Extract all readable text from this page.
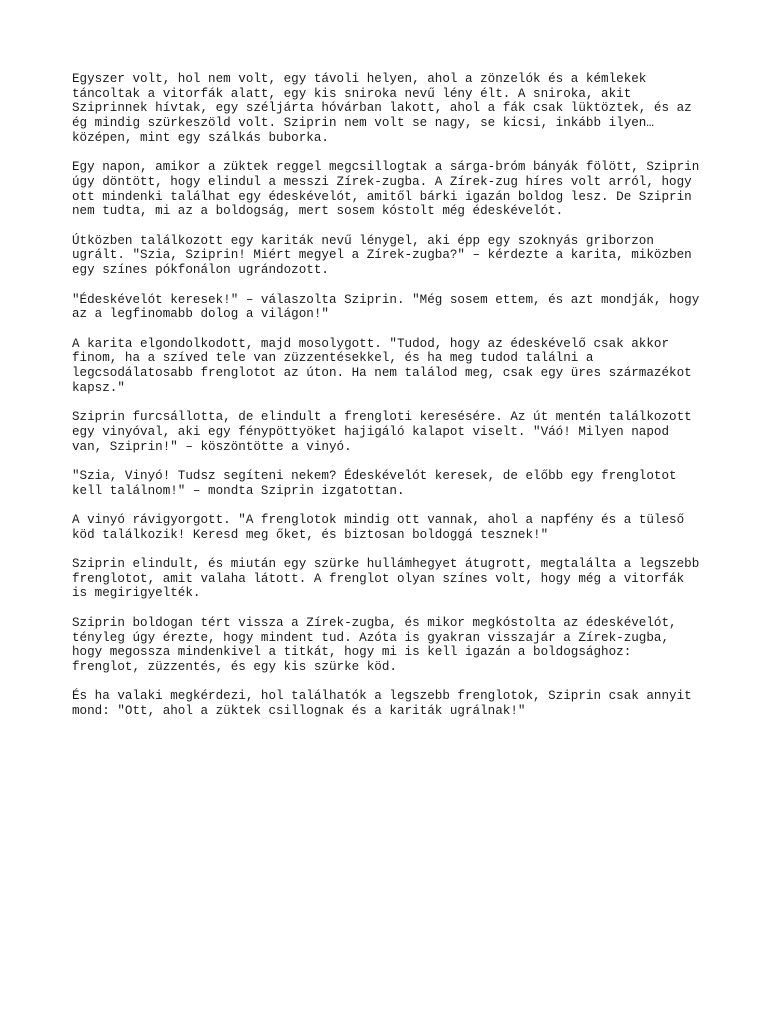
Egyszer volt, hol nem volt, egy távoli helyen, ahol a zönzelók és a kémlekek
táncoltak a vitorfák alatt, egy kis sniroka nevű lény élt. A sniroka, akit
Sziprinnek hívtak, egy széljárta hóvárban lakott, ahol a fák csak lüktöztek, és az
ég mindig szürkeszöld volt. Sziprin nem volt se nagy, se kicsi, inkább ilyen…
középen, mint egy szálkás buborka.

Egy napon, amikor a züktek reggel megcsillogtak a sárga-bróm bányák fölött, Sziprin
úgy döntött, hogy elindul a messzi Zírek-zugba. A Zírek-zug híres volt arról, hogy
ott mindenki találhat egy édeskévelót, amitől bárki igazán boldog lesz. De Sziprin
nem tudta, mi az a boldogság, mert sosem kóstolt még édeskévelót.

Útközben találkozott egy kariták nevű lénygel, aki épp egy szoknyás griborzon
ugrált. "Szia, Sziprin! Miért megyel a Zírek-zugba?" – kérdezte a karita, miközben
egy színes pókfonálon ugrándozott.

"Édeskévelót keresek!" – válaszolta Sziprin. "Még sosem ettem, és azt mondják, hogy
az a legfinomabb dolog a világon!"

A karita elgondolkodott, majd mosolygott. "Tudod, hogy az édeskévelő csak akkor
finom, ha a szíved tele van züzzentésekkel, és ha meg tudod találni a
legcsodálatosabb frenglotot az úton. Ha nem találod meg, csak egy üres származékot
kapsz."

Sziprin furcsállotta, de elindult a frengloti keresésére. Az út mentén találkozott
egy vinyóval, aki egy fénypöttyöket hajigáló kalapot viselt. "Váó! Milyen napod
van, Sziprin!" – köszöntötte a vinyó.

"Szia, Vinyó! Tudsz segíteni nekem? Édeskévelót keresek, de előbb egy frenglotot
kell találnom!" – mondta Sziprin izgatottan.

A vinyó rávigyorgott. "A frenglotok mindig ott vannak, ahol a napfény és a tüleső
köd találkozik! Keresd meg őket, és biztosan boldoggá tesznek!"

Sziprin elindult, és miután egy szürke hullámhegyet átugrott, megtalálta a legszebb
frenglotot, amit valaha látott. A frenglot olyan színes volt, hogy még a vitorfák
is megirigyelték.

Sziprin boldogan tért vissza a Zírek-zugba, és mikor megkóstolta az édeskévelót,
tényleg úgy érezte, hogy mindent tud. Azóta is gyakran visszajár a Zírek-zugba,
hogy megossza mindenkivel a titkát, hogy mi is kell igazán a boldogsághoz:
frenglot, züzzentés, és egy kis szürke köd.

És ha valaki megkérdezi, hol találhatók a legszebb frenglotok, Sziprin csak annyit
mond: "Ott, ahol a züktek csillognak és a kariták ugrálnak!"
